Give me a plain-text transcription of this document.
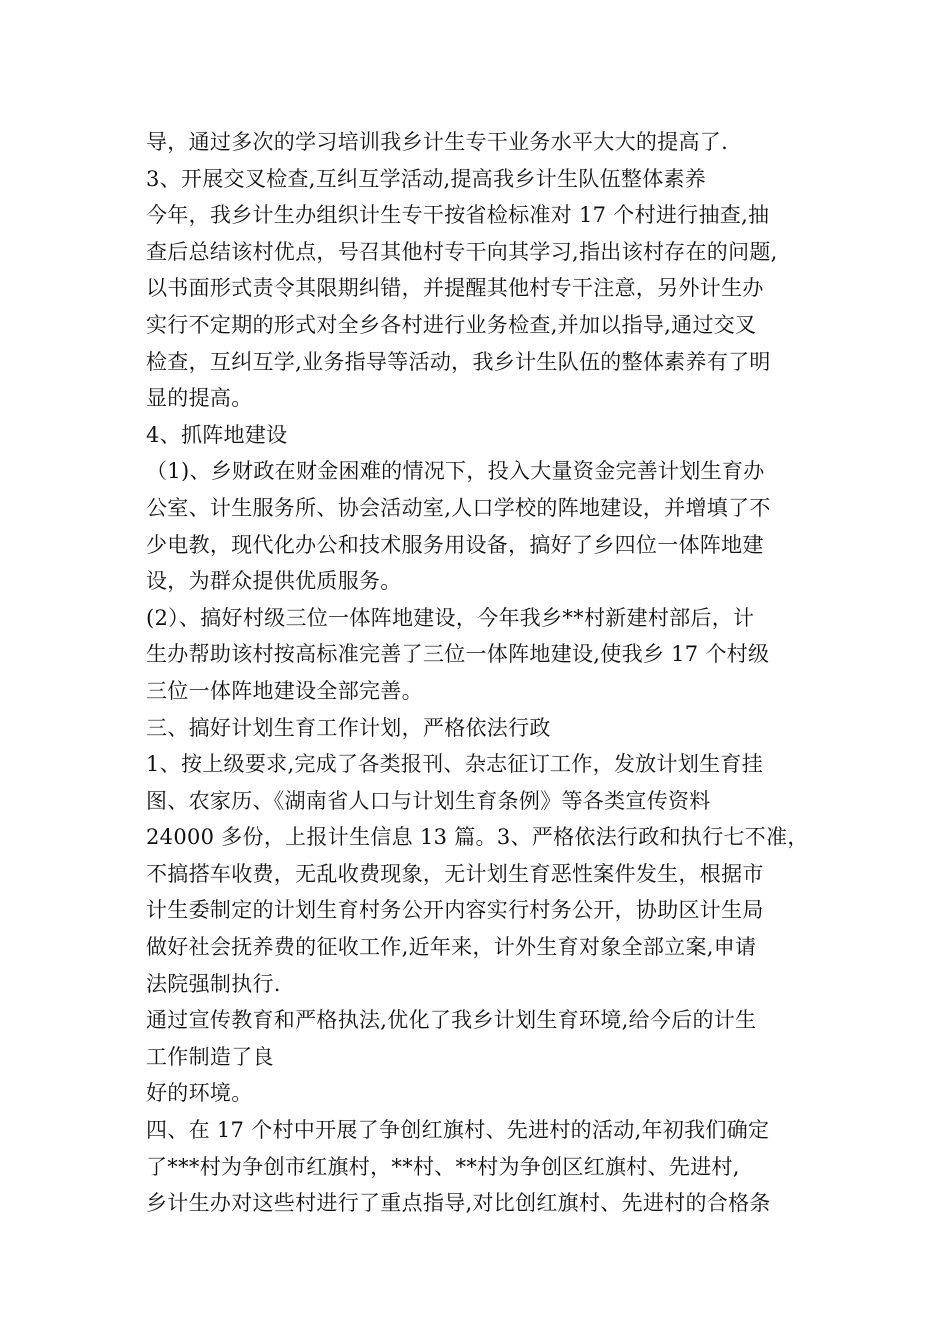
导，通过多次的学习培训我乡计生专干业务水平大大的提高了.
3、开展交叉检查,互纠互学活动,提高我乡计生队伍整体素养
今年，我乡计生办组织计生专干按省检标准对 17 个村进行抽查,抽
查后总结该村优点，号召其他村专干向其学习,指出该村存在的问题,
以书面形式责令其限期纠错，并提醒其他村专干注意，另外计生办
实行不定期的形式对全乡各村进行业务检查,并加以指导,通过交叉
检查，互纠互学,业务指导等活动，我乡计生队伍的整体素养有了明
显的提高。
4、抓阵地建设
（1)、乡财政在财金困难的情况下，投入大量资金完善计划生育办
公室、计生服务所、协会活动室,人口学校的阵地建设，并增填了不
少电教，现代化办公和技术服务用设备，搞好了乡四位一体阵地建
设，为群众提供优质服务。
(2）、搞好村级三位一体阵地建设，今年我乡**村新建村部后，计
生办帮助该村按高标准完善了三位一体阵地建设,使我乡 17 个村级
三位一体阵地建设全部完善。
三、搞好计划生育工作计划，严格依法行政
1、按上级要求,完成了各类报刊、杂志征订工作，发放计划生育挂
图、农家历、《湖南省人口与计划生育条例》等各类宣传资料
24000 多份，上报计生信息 13 篇。3、严格依法行政和执行七不准，
不搞搭车收费，无乱收费现象，无计划生育恶性案件发生，根据市
计生委制定的计划生育村务公开内容实行村务公开，协助区计生局
做好社会抚养费的征收工作,近年来，计外生育对象全部立案,申请
法院强制执行.
通过宣传教育和严格执法,优化了我乡计划生育环境,给今后的计生
工作制造了良
好的环境。
四、在 17 个村中开展了争创红旗村、先进村的活动,年初我们确定
了***村为争创市红旗村，**村、**村为争创区红旗村、先进村,
乡计生办对这些村进行了重点指导,对比创红旗村、先进村的合格条
